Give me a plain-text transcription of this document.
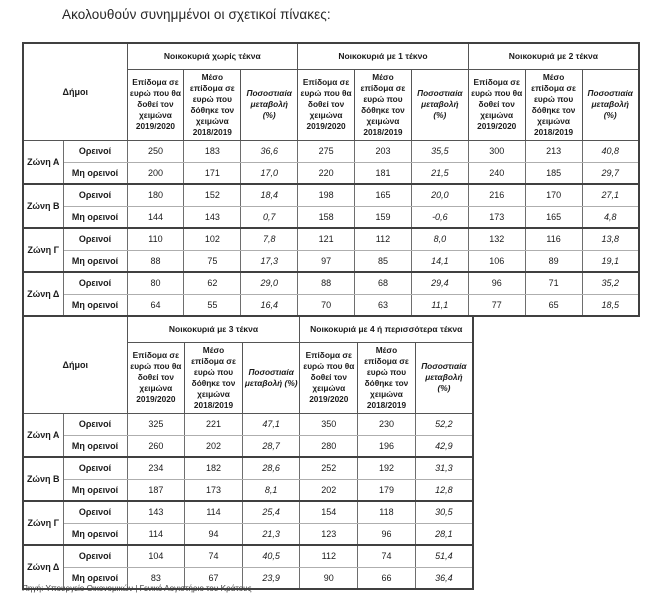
Ακολουθούν συνημμένοι οι σχετικοί πίνακες:
Δήμοι		Νοικοκυριά χωρίς τέκνα			Νοικοκυριά με 1 τέκνο			Νοικοκυριά με 2 τέκνα		
		Επίδομα σε ευρώ που θα δοθεί τον χειμώνα 2019/2020	Μέσο επίδομα σε ευρώ που δόθηκε τον χειμώνα 2018/2019	Ποσοστιαία μεταβολή (%)	Επίδομα σε ευρώ που θα δοθεί τον χειμώνα 2019/2020	Μέσο επίδομα σε ευρώ που δόθηκε τον χειμώνα 2018/2019	Ποσοστιαία μεταβολή (%)	Επίδομα σε ευρώ που θα δοθεί τον χειμώνα 2019/2020	Μέσο επίδομα σε ευρώ που δόθηκε τον χειμώνα 2018/2019	Ποσοστιαία μεταβολή (%)
Ζώνη Α	Ορεινοί	250	183	36,6	275	203	35,5	300	213	40,8
	Μη ορεινοί	200	171	17,0	220	181	21,5	240	185	29,7
Ζώνη Β	Ορεινοί	180	152	18,4	198	165	20,0	216	170	27,1
	Μη ορεινοί	144	143	0,7	158	159	-0,6	173	165	4,8
Ζώνη Γ	Ορεινοί	110	102	7,8	121	112	8,0	132	116	13,8
	Μη ορεινοί	88	75	17,3	97	85	14,1	106	89	19,1
Ζώνη Δ	Ορεινοί	80	62	29,0	88	68	29,4	96	71	35,2
	Μη ορεινοί	64	55	16,4	70	63	11,1	77	65	18,5
Δήμοι		Νοικοκυριά με 3 τέκνα			Νοικοκυριά με 4 ή περισσότερα τέκνα		
		Επίδομα σε ευρώ που θα δοθεί τον χειμώνα 2019/2020	Μέσο επίδομα σε ευρώ που δόθηκε τον χειμώνα 2018/2019	Ποσοστιαία μεταβολή (%)	Επίδομα σε ευρώ που θα δοθεί τον χειμώνα 2019/2020	Μέσο επίδομα σε ευρώ που δόθηκε τον χειμώνα 2018/2019	Ποσοστιαία μεταβολή (%)
Ζώνη Α	Ορεινοί	325	221	47,1	350	230	52,2
	Μη ορεινοί	260	202	28,7	280	196	42,9
Ζώνη Β	Ορεινοί	234	182	28,6	252	192	31,3
	Μη ορεινοί	187	173	8,1	202	179	12,8
Ζώνη Γ	Ορεινοί	143	114	25,4	154	118	30,5
	Μη ορεινοί	114	94	21,3	123	96	28,1
Ζώνη Δ	Ορεινοί	104	74	40,5	112	74	51,4
	Μη ορεινοί	83	67	23,9	90	66	36,4
Πηγή: Υπουργείο Οικονομικών | Γενικό Λογιστήριο του Κράτους
